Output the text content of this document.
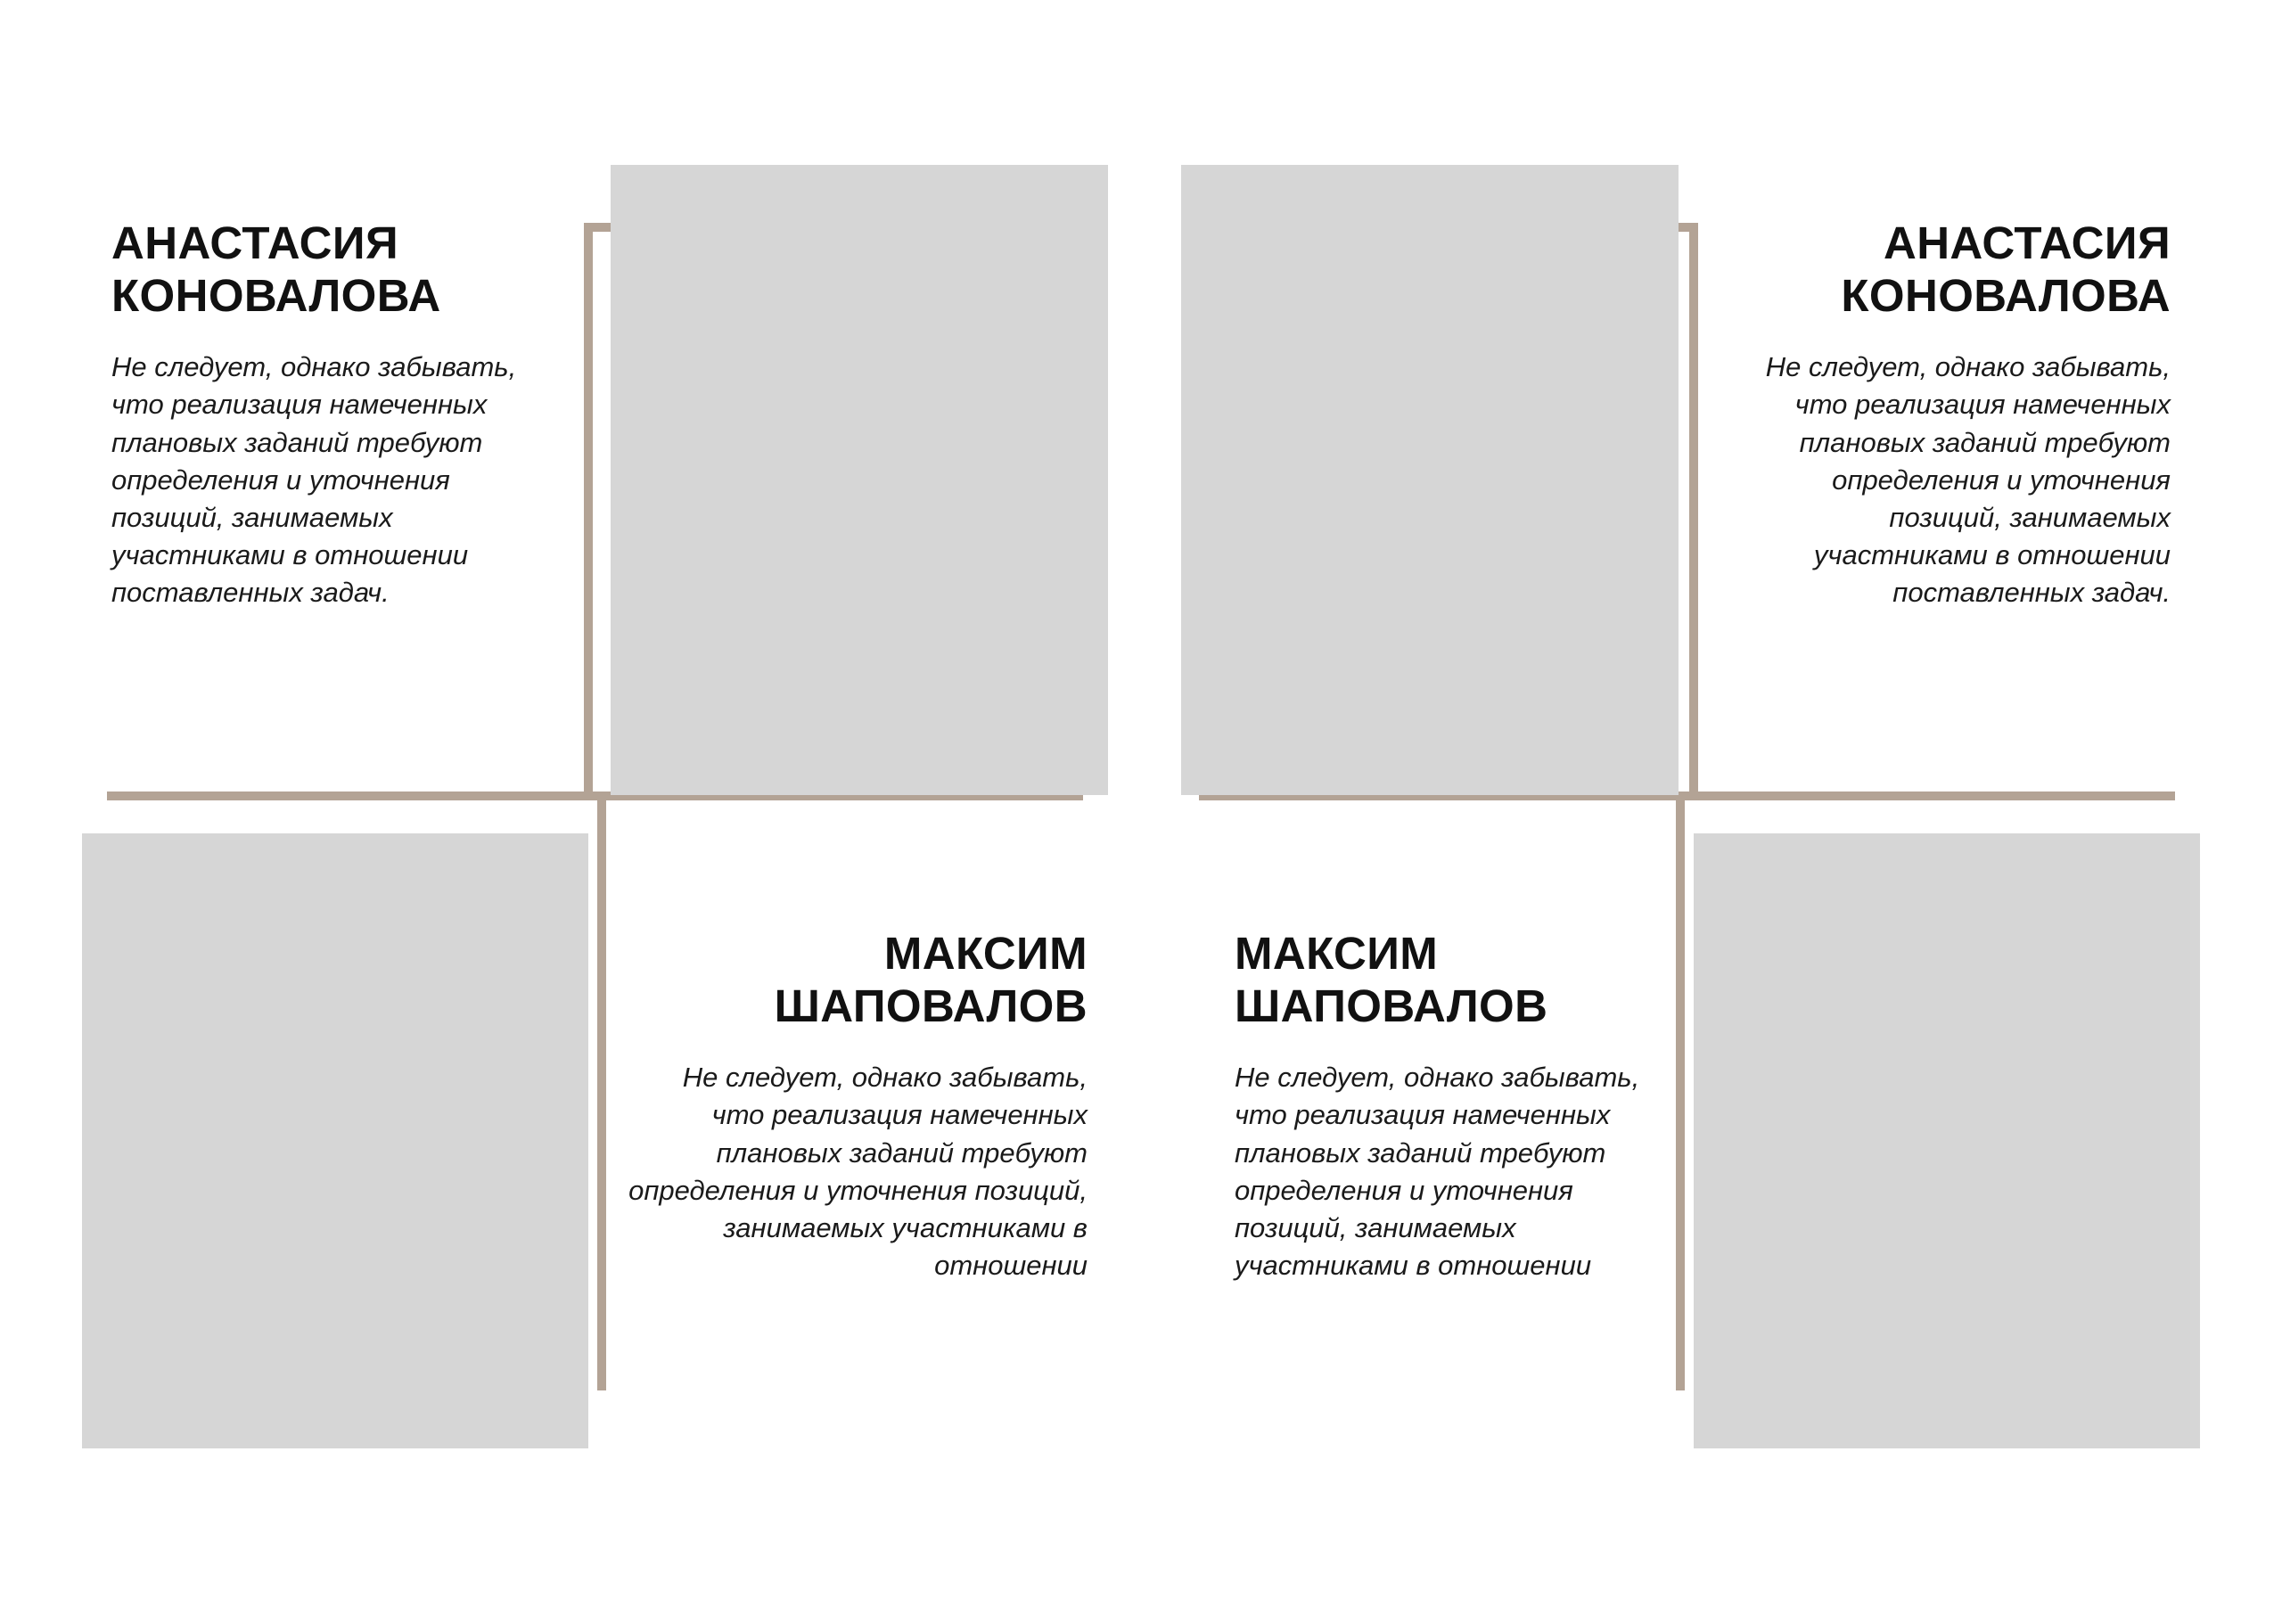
АНАСТАСИЯ КОНОВАЛОВА

Не следует, однако забывать, что реализация намеченных плановых заданий требуют определения и уточнения позиций, занимаемых участниками в отношении поставленных задач.

МАКСИМ ШАПОВАЛОВ

Не следует, однако забывать, что реализация намеченных плановых заданий требуют определения и уточнения позиций, занимаемых участниками в отношении

АНАСТАСИЯ КОНОВАЛОВА

Не следует, однако забывать, что реализация намеченных плановых заданий требуют определения и уточнения позиций, занимаемых участниками в отношении поставленных задач.

МАКСИМ ШАПОВАЛОВ

Не следует, однако забывать, что реализация намеченных плановых заданий требуют определения и уточнения позиций, занимаемых участниками в отношении
